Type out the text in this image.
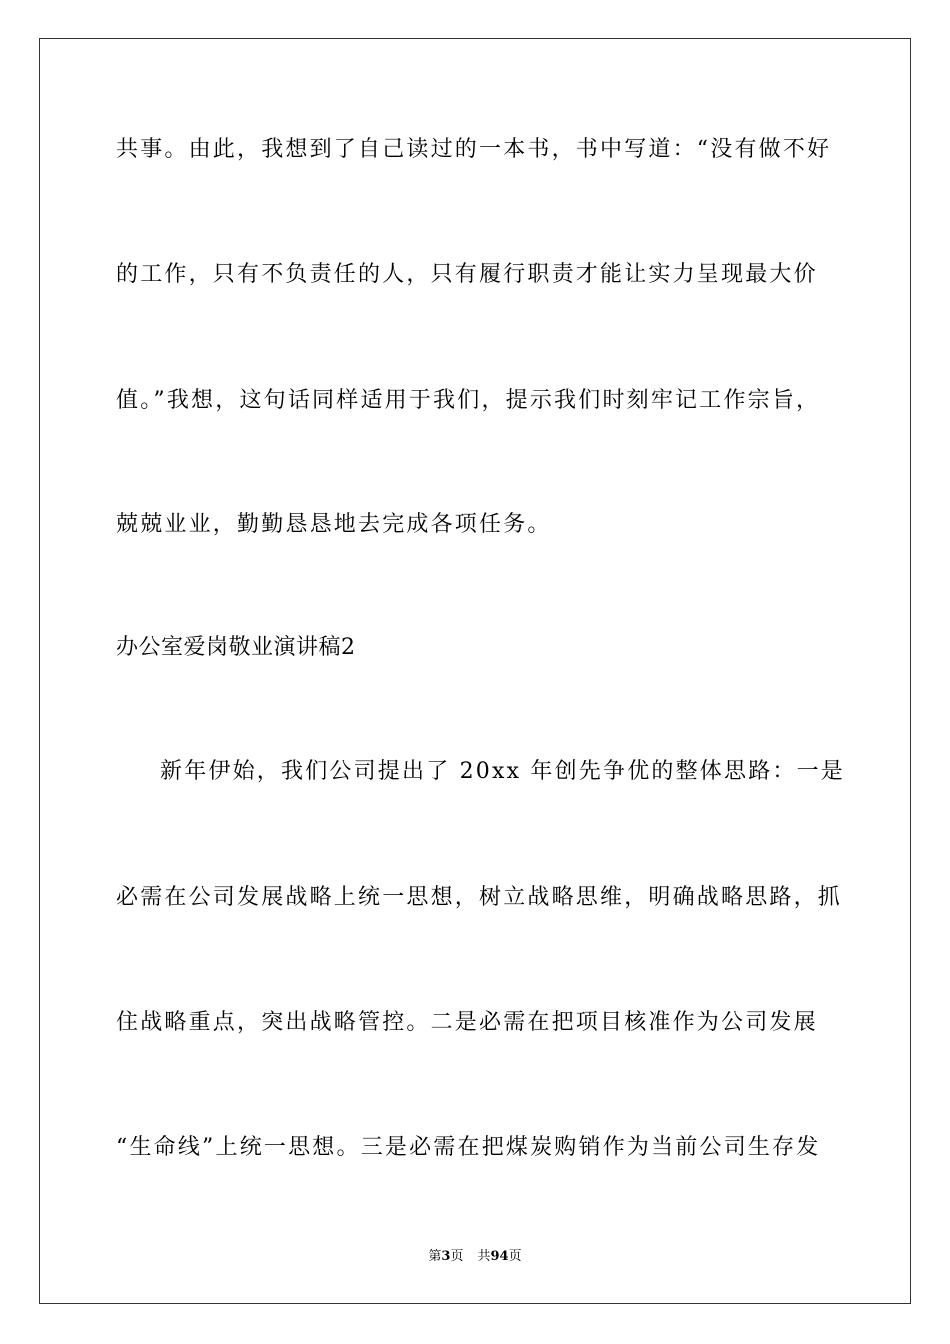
共事。由此，我想到了自己读过的一本书，书中写道：“没有做不好
的工作，只有不负责任的人，只有履行职责才能让实力呈现最大价
值。”我想，这句话同样适用于我们，提示我们时刻牢记工作宗旨，
兢兢业业，勤勤恳恳地去完成各项任务。
办公室爱岗敬业演讲稿2
新年伊始，我们公司提出了 20xx 年创先争优的整体思路：一是
必需在公司发展战略上统一思想，树立战略思维，明确战略思路，抓
住战略重点，突出战略管控。二是必需在把项目核准作为公司发展
“生命线”上统一思想。三是必需在把煤炭购销作为当前公司生存发
第3页 共94页
